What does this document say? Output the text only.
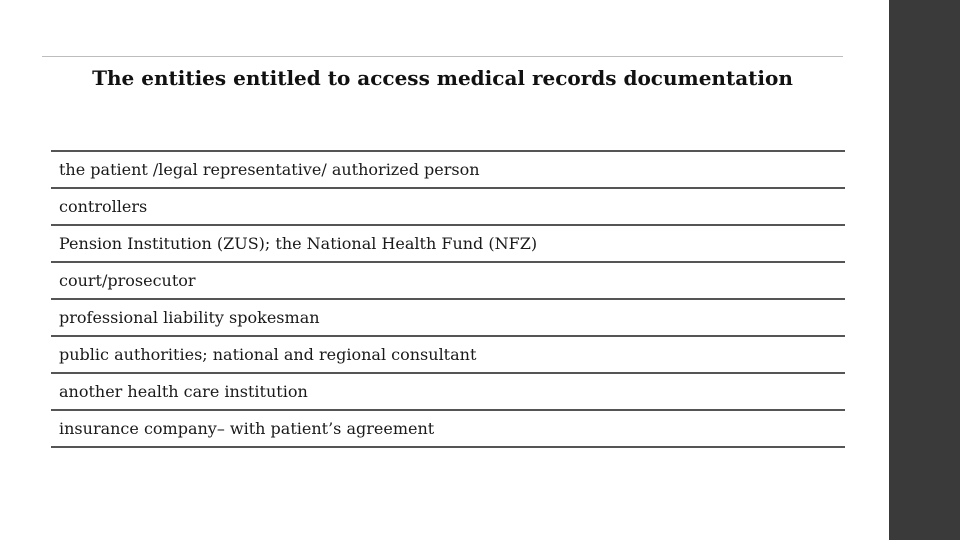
The entities entitled to access medical records documentation
the patient /legal representative/ authorized person
controllers
Pension Institution (ZUS); the National Health Fund (NFZ)
court/prosecutor
professional liability spokesman
public authorities; national and regional consultant
another health care institution
insurance company– with patient’s agreement
